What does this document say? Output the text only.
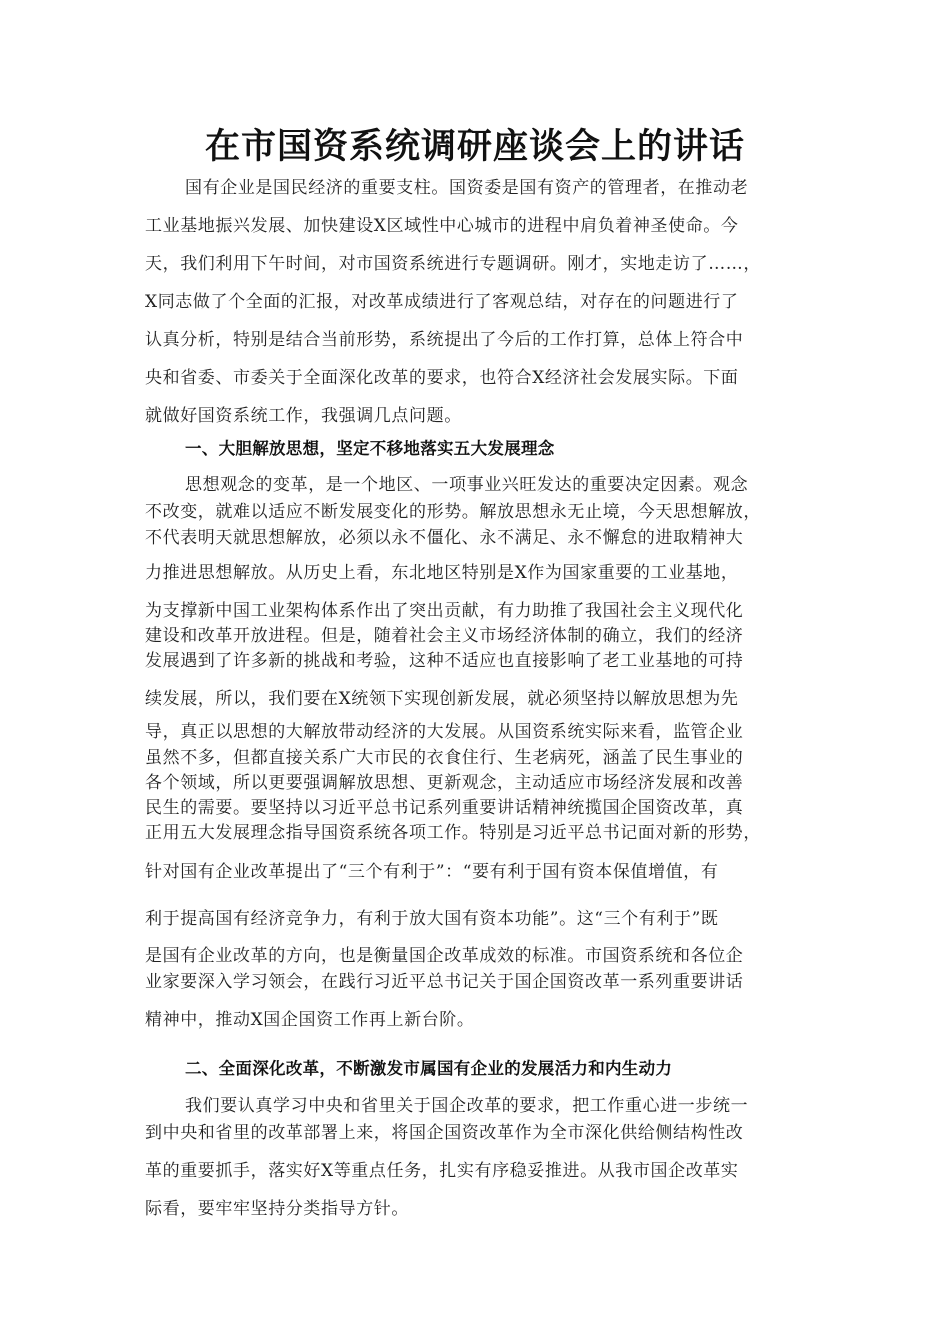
在市国资系统调研座谈会上的讲话
国有企业是国民经济的重要支柱。国资委是国有资产的管理者，在推动老
工业基地振兴发展、加快建设X区域性中心城市的进程中肩负着神圣使命。今
天，我们利用下午时间，对市国资系统进行专题调研。刚才，实地走访了……，
X同志做了个全面的汇报，对改革成绩进行了客观总结，对存在的问题进行了
认真分析，特别是结合当前形势，系统提出了今后的工作打算，总体上符合中
央和省委、市委关于全面深化改革的要求，也符合X经济社会发展实际。下面
就做好国资系统工作，我强调几点问题。
一、大胆解放思想，坚定不移地落实五大发展理念
思想观念的变革，是一个地区、一项事业兴旺发达的重要决定因素。观念
不改变，就难以适应不断发展变化的形势。解放思想永无止境，今天思想解放，
不代表明天就思想解放，必须以永不僵化、永不满足、永不懈怠的进取精神大
力推进思想解放。从历史上看，东北地区特别是X作为国家重要的工业基地，
为支撑新中国工业架构体系作出了突出贡献，有力助推了我国社会主义现代化
建设和改革开放进程。但是，随着社会主义市场经济体制的确立，我们的经济
发展遇到了许多新的挑战和考验，这种不适应也直接影响了老工业基地的可持
续发展，所以，我们要在X统领下实现创新发展，就必须坚持以解放思想为先
导，真正以思想的大解放带动经济的大发展。从国资系统实际来看，监管企业
虽然不多，但都直接关系广大市民的衣食住行、生老病死，涵盖了民生事业的
各个领域，所以更要强调解放思想、更新观念，主动适应市场经济发展和改善
民生的需要。要坚持以习近平总书记系列重要讲话精神统揽国企国资改革，真
正用五大发展理念指导国资系统各项工作。特别是习近平总书记面对新的形势，
针对国有企业改革提出了“三个有利于”：“要有利于国有资本保值增值，有
利于提高国有经济竞争力，有利于放大国有资本功能”。这“三个有利于”既
是国有企业改革的方向，也是衡量国企改革成效的标准。市国资系统和各位企
业家要深入学习领会，在践行习近平总书记关于国企国资改革一系列重要讲话
精神中，推动X国企国资工作再上新台阶。
二、全面深化改革，不断激发市属国有企业的发展活力和内生动力
我们要认真学习中央和省里关于国企改革的要求，把工作重心进一步统一
到中央和省里的改革部署上来，将国企国资改革作为全市深化供给侧结构性改
革的重要抓手，落实好X等重点任务，扎实有序稳妥推进。从我市国企改革实
际看，要牢牢坚持分类指导方针。
